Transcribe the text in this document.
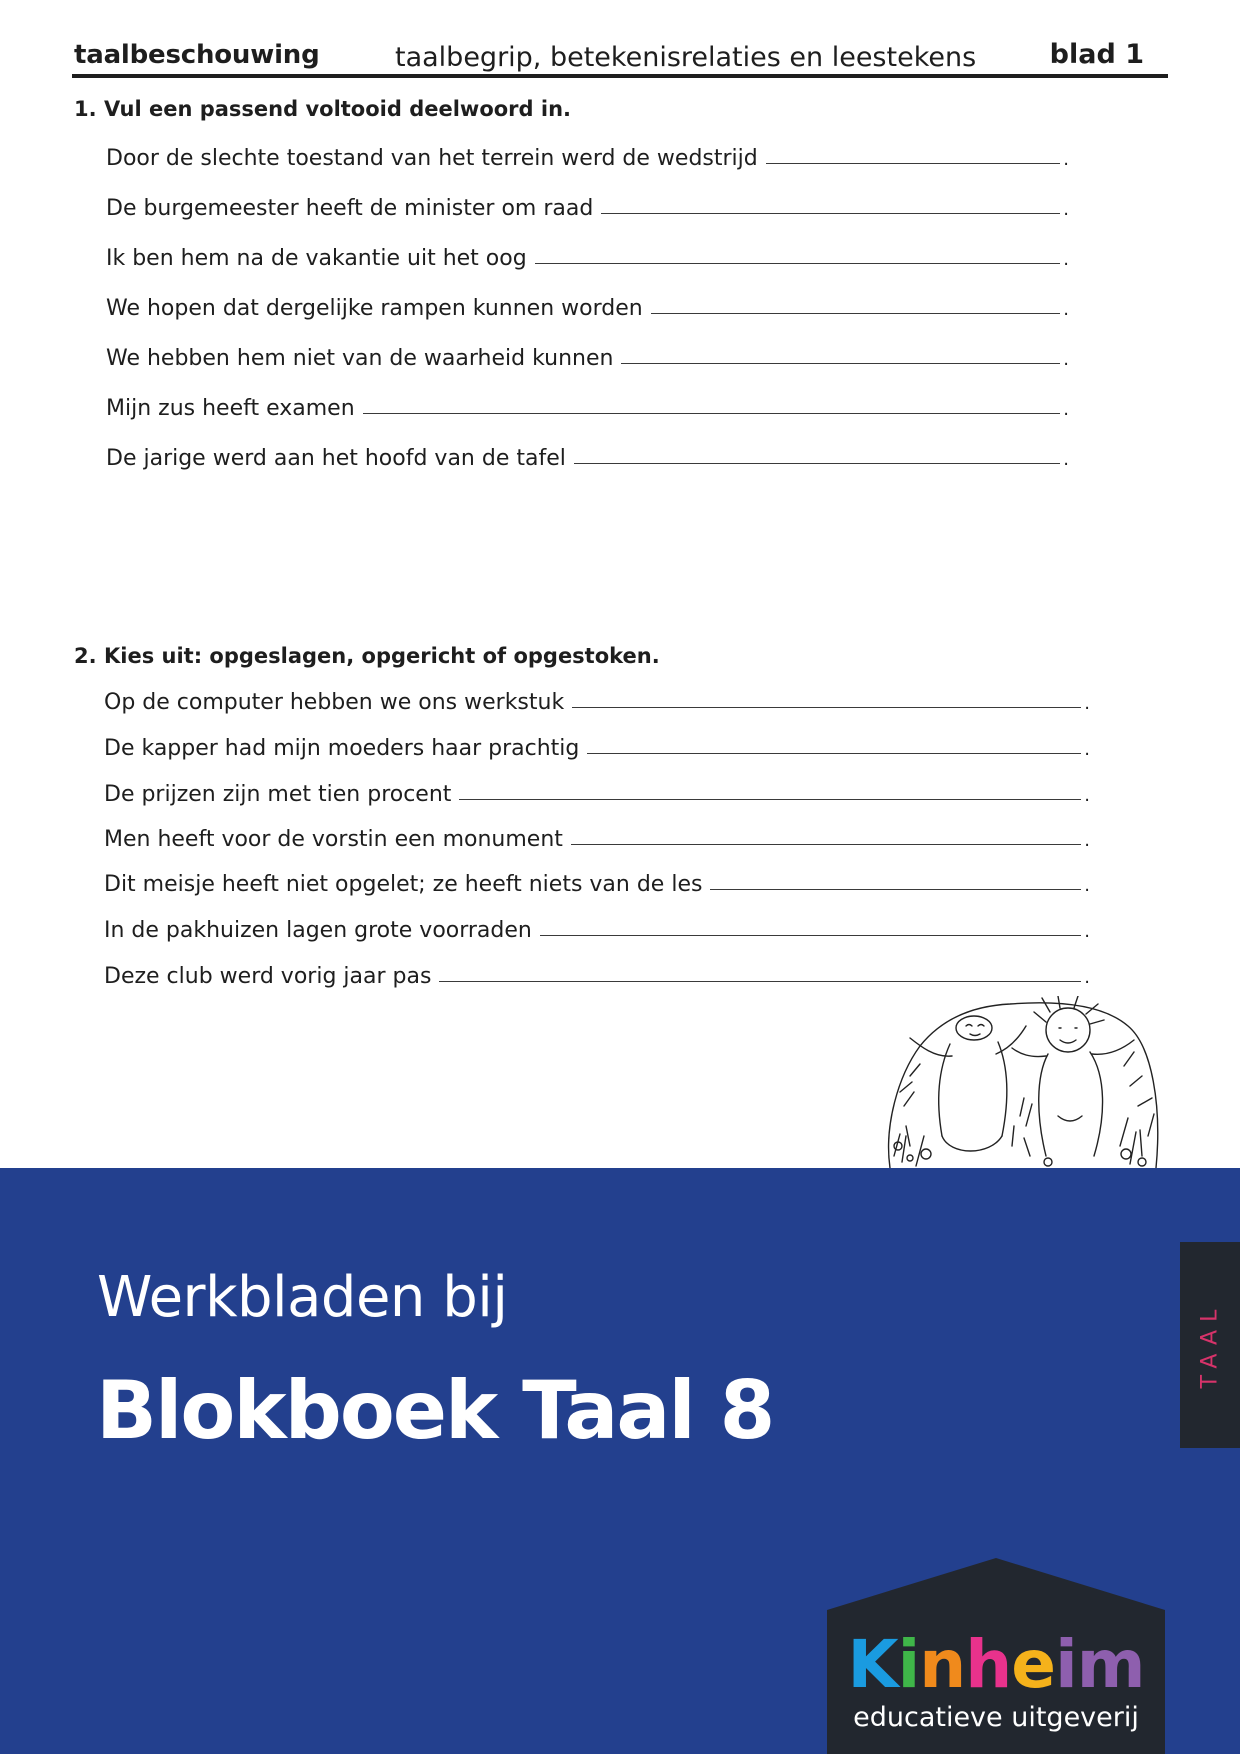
taalbeschouwing	taalbegrip, betekenisrelaties en leestekens	blad 1
1. Vul een passend voltooid deelwoord in.
Door de slechte toestand van het terrein werd de wedstrijd	.
De burgemeester heeft de minister om raad	.
Ik ben hem na de vakantie uit het oog	.
We hopen dat dergelijke rampen kunnen worden	.
We hebben hem niet van de waarheid kunnen	.
Mijn zus heeft examen	.
De jarige werd aan het hoofd van de tafel	.
2. Kies uit: opgeslagen, opgericht of opgestoken.
Op de computer hebben we ons werkstuk	.
De kapper had mijn moeders haar prachtig	.
De prijzen zijn met tien procent	.
Men heeft voor de vorstin een monument	.
Dit meisje heeft niet opgelet; ze heeft niets van de les	.
In de pakhuizen lagen grote voorraden	.
Deze club werd vorig jaar pas	.
Werkbladen bij
Blokboek Taal 8
TAAL
Kinheim
educatieve uitgeverij
